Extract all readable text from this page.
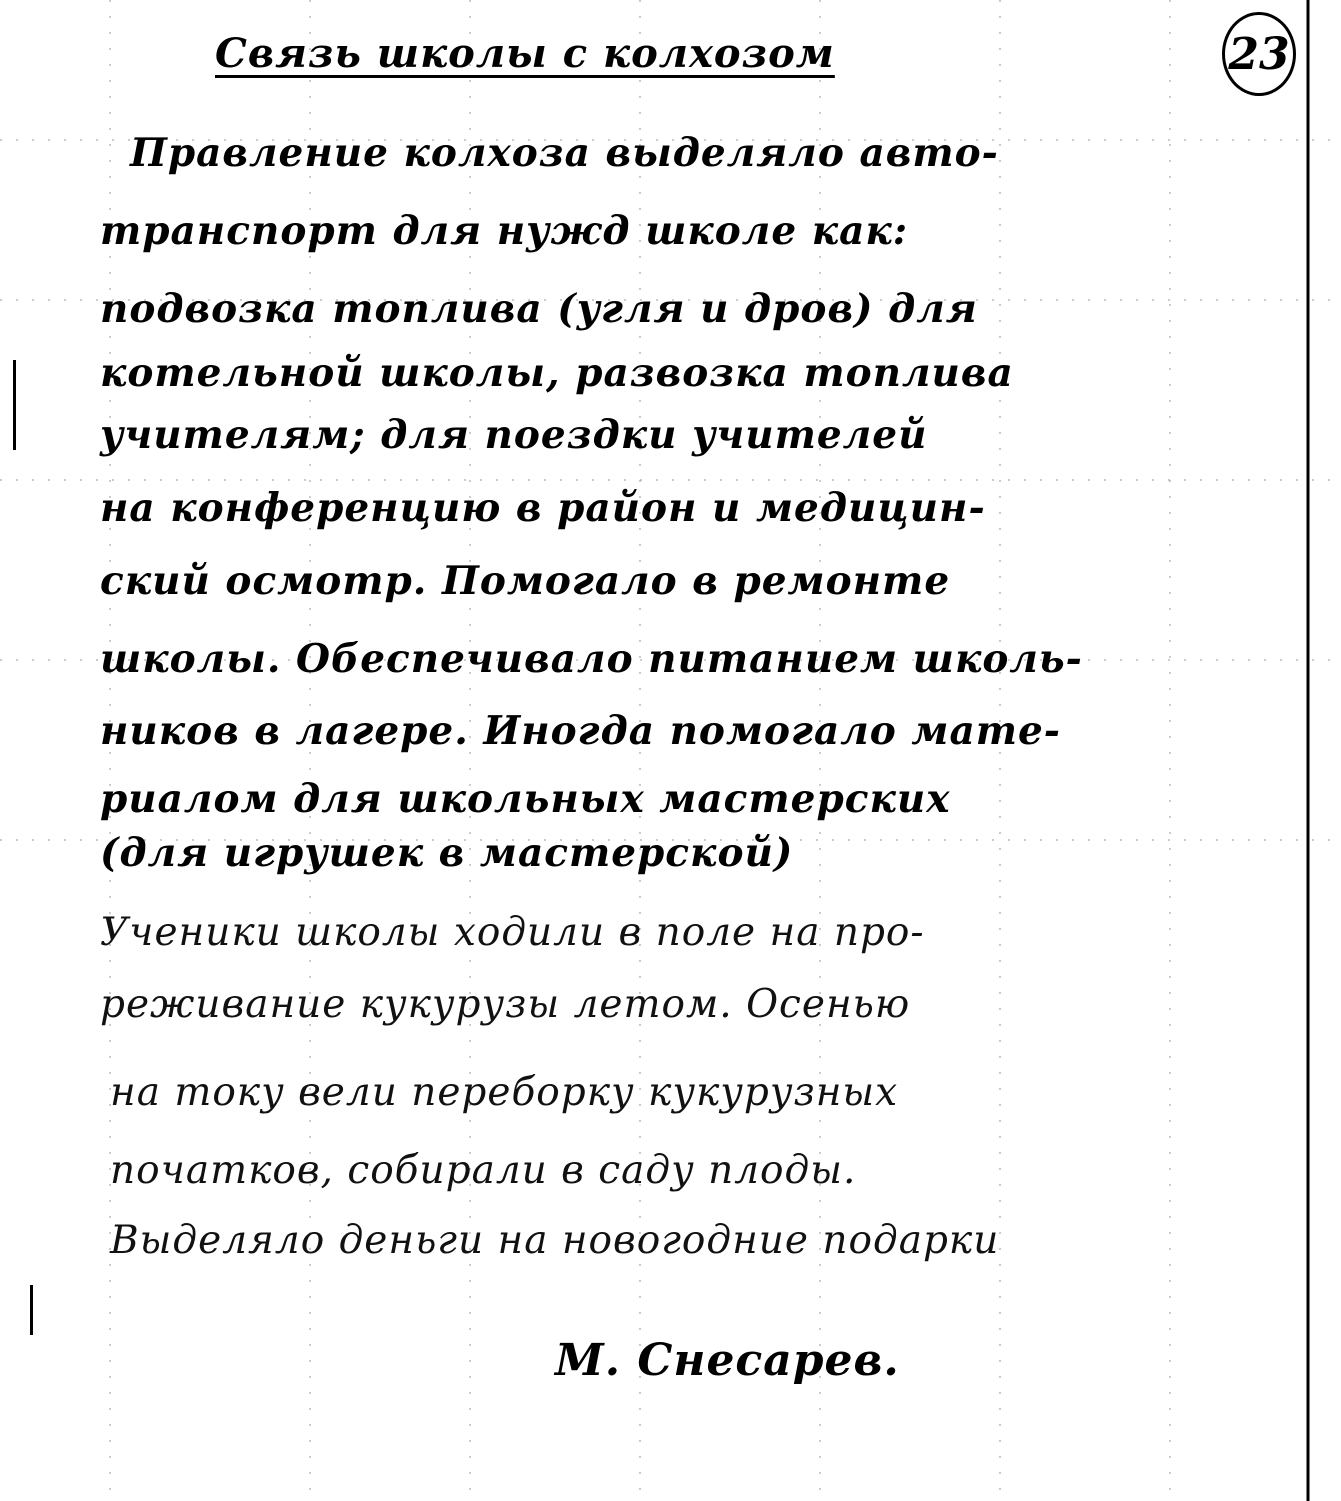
Связь школы с колхозом	23
Правление колхоза выделяло авто-
транспорт для нужд школе как:
подвозка топлива (угля и дров) для
котельной школы, развозка топлива
учителям; для поездки учителей
на конференцию в район и медицин-
ский осмотр. Помогало в ремонте
школы. Обеспечивало питанием школь-
ников в лагере. Иногда помогало мате-
риалом для школьных мастерских
(для игрушек в мастерской)
Ученики школы ходили в поле на про-
реживание кукурузы летом. Осенью
на току вели переборку кукурузных
початков, собирали в саду плоды.
Выделяло деньги на новогодние подарки
М. Снесарев.
